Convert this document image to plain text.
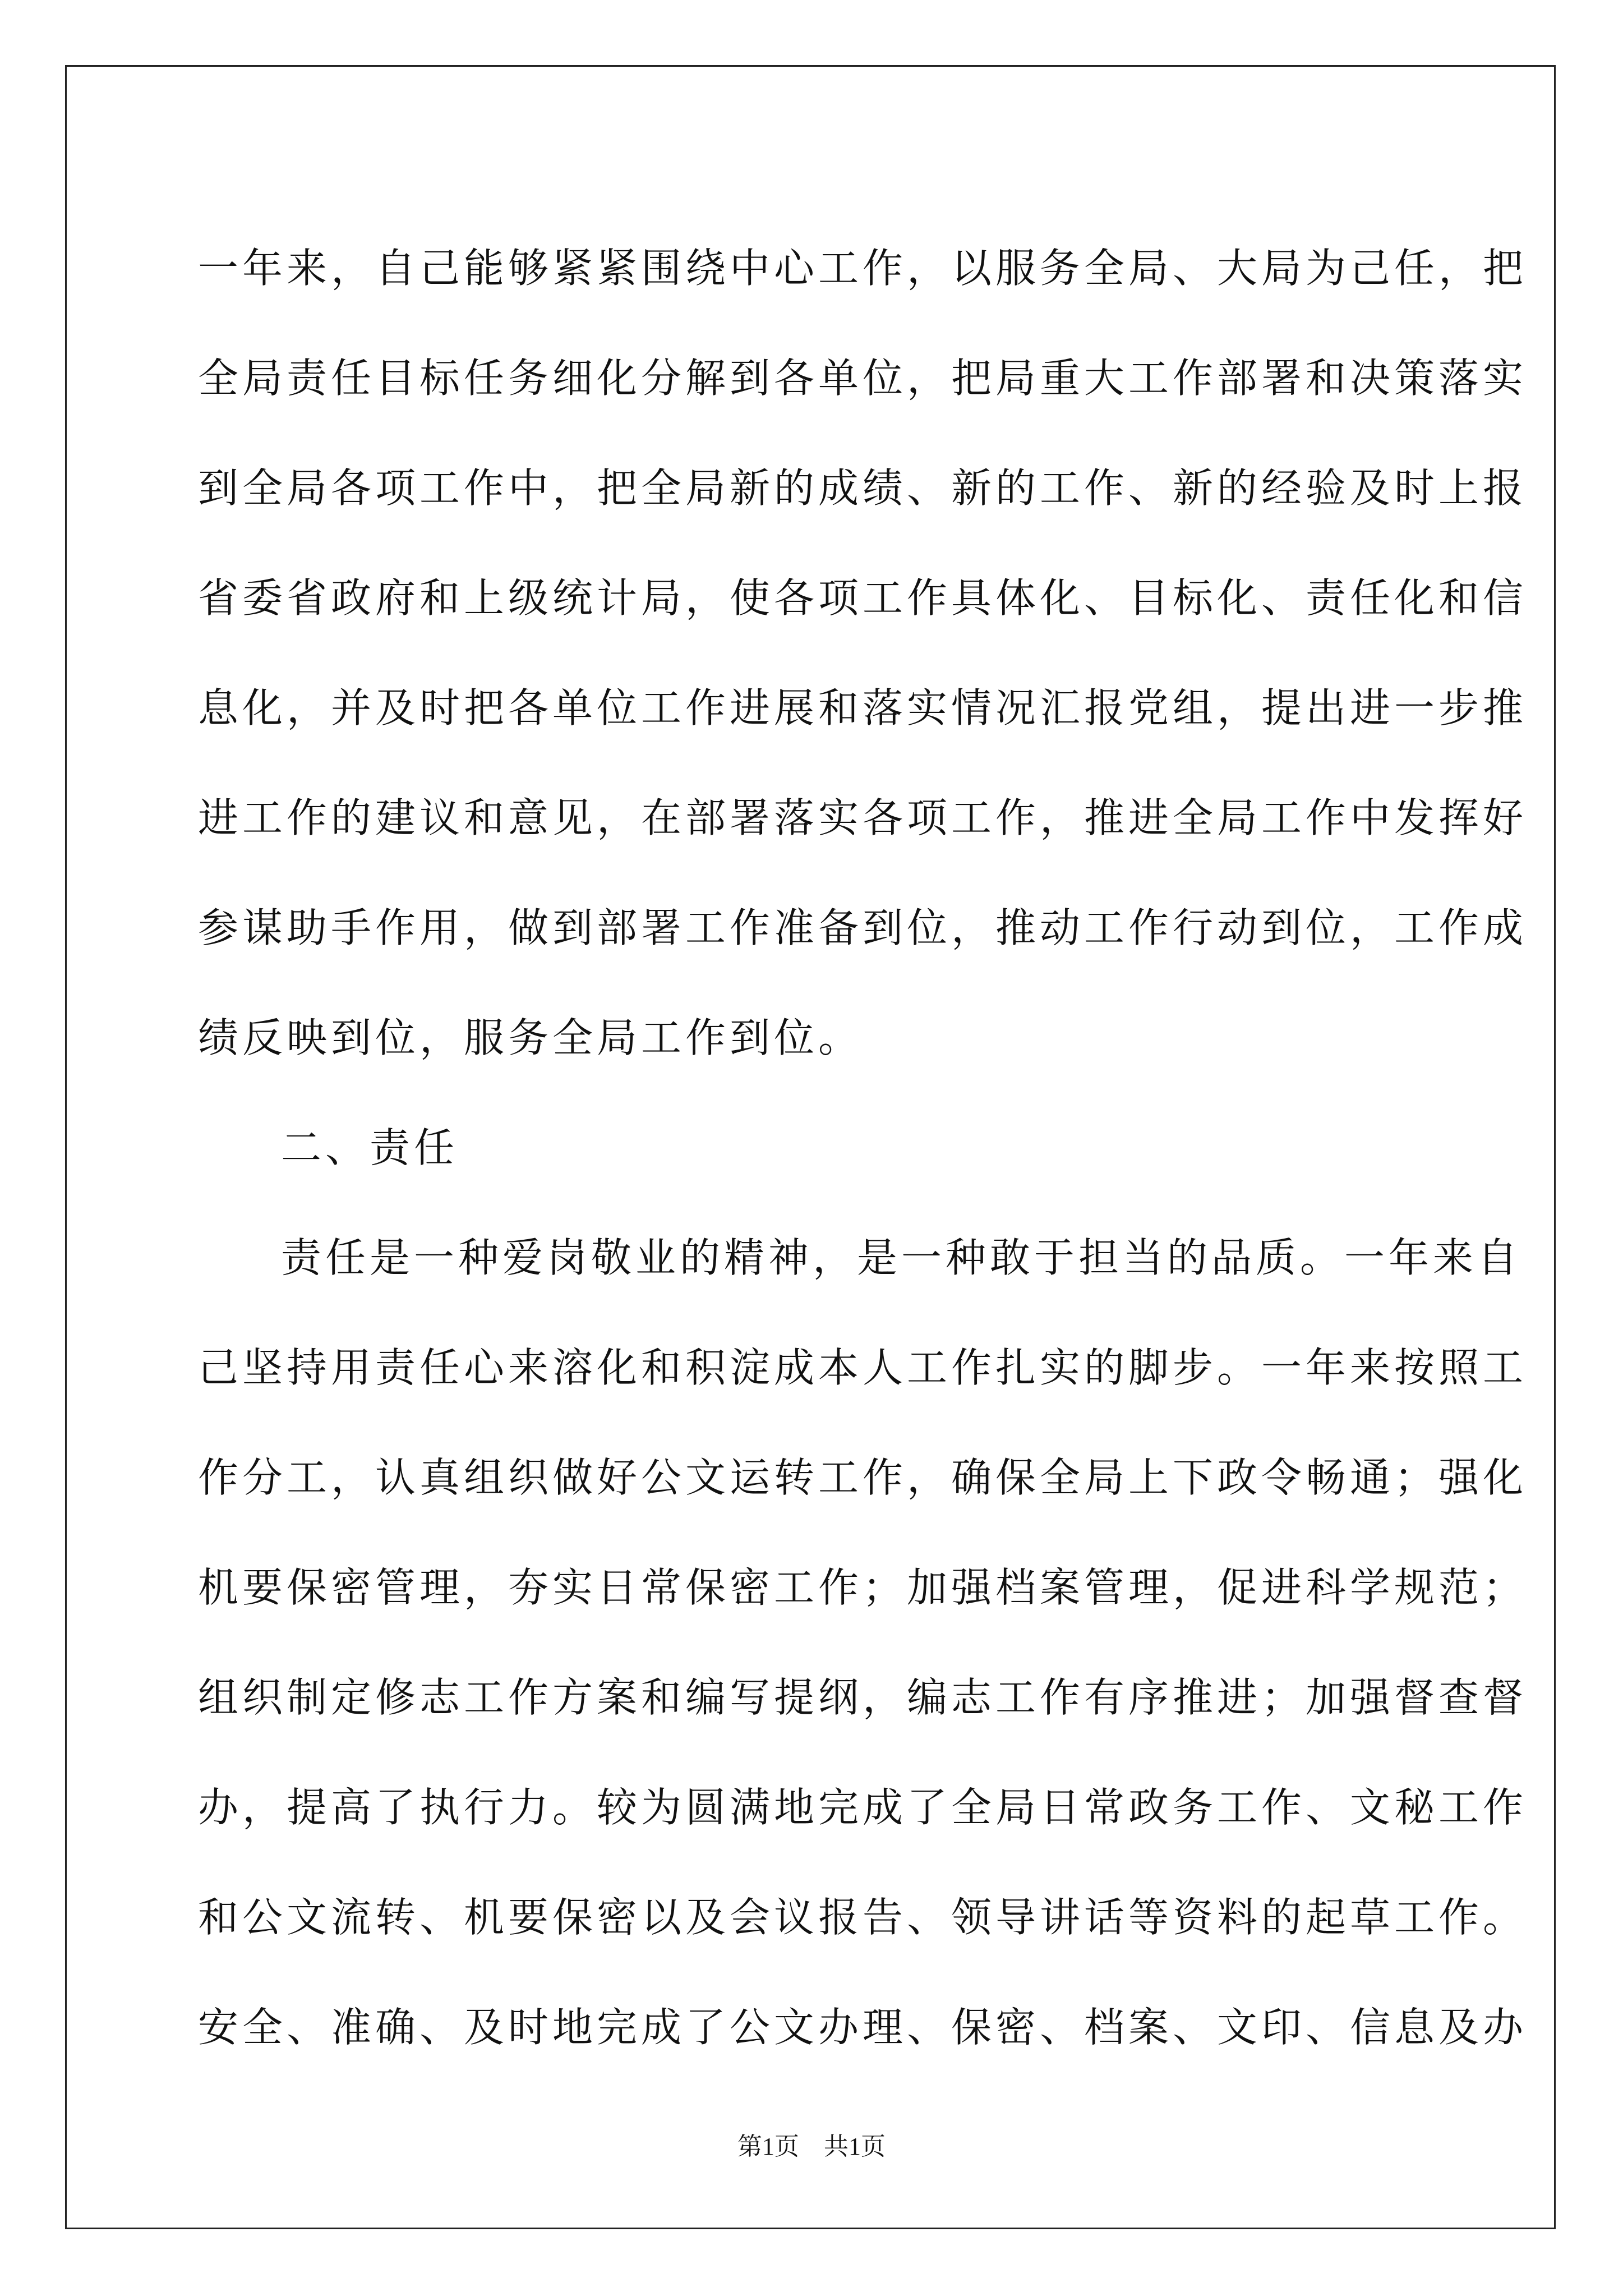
一年来，自己能够紧紧围绕中心工作，以服务全局、大局为己任，把
全局责任目标任务细化分解到各单位，把局重大工作部署和决策落实
到全局各项工作中，把全局新的成绩、新的工作、新的经验及时上报
省委省政府和上级统计局，使各项工作具体化、目标化、责任化和信
息化，并及时把各单位工作进展和落实情况汇报党组，提出进一步推
进工作的建议和意见，在部署落实各项工作，推进全局工作中发挥好
参谋助手作用，做到部署工作准备到位，推动工作行动到位，工作成
绩反映到位，服务全局工作到位。
二、责任
责任是一种爱岗敬业的精神，是一种敢于担当的品质。一年来自
己坚持用责任心来溶化和积淀成本人工作扎实的脚步。一年来按照工
作分工，认真组织做好公文运转工作，确保全局上下政令畅通；强化
机要保密管理，夯实日常保密工作；加强档案管理，促进科学规范；
组织制定修志工作方案和编写提纲，编志工作有序推进；加强督查督
办，提高了执行力。较为圆满地完成了全局日常政务工作、文秘工作
和公文流转、机要保密以及会议报告、领导讲话等资料的起草工作。
安全、准确、及时地完成了公文办理、保密、档案、文印、信息及办
第1页　共1页
